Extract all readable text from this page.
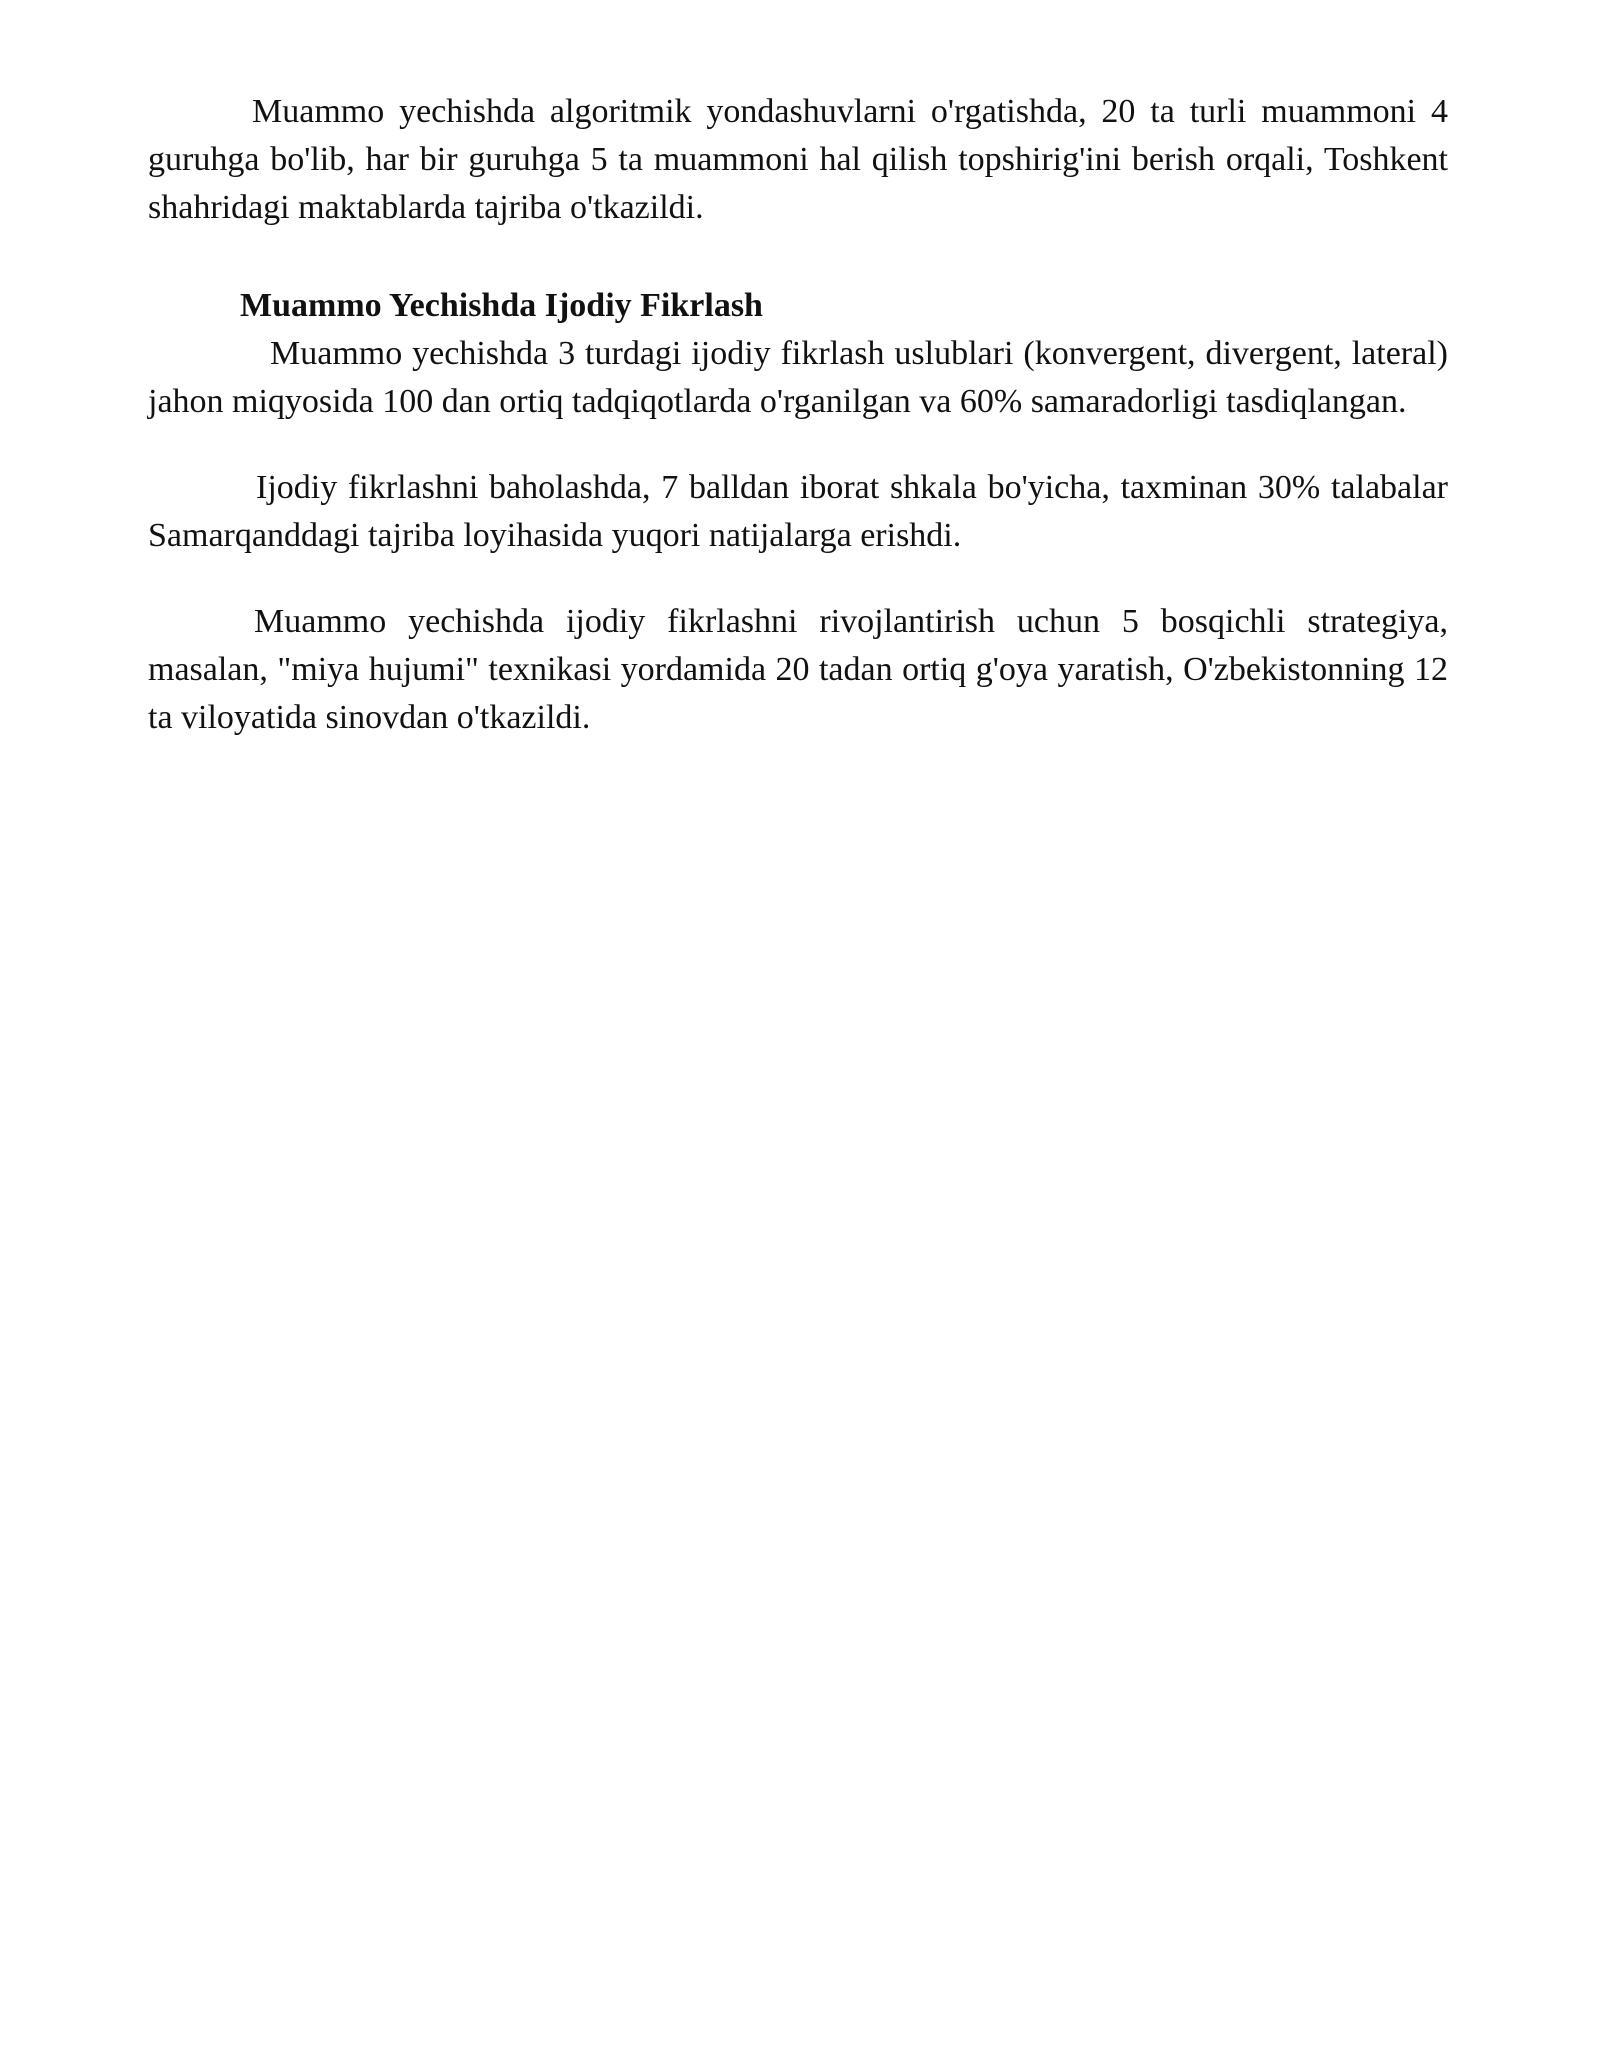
Muammo yechishda algoritmik yondashuvlarni o'rgatishda, 20 ta turli muammoni 4 guruhga bo'lib, har bir guruhga 5 ta muammoni hal qilish topshirig'ini berish orqali, Toshkent shahridagi maktablarda tajriba o'tkazildi.

Muammo Yechishda Ijodiy Fikrlash

Muammo yechishda 3 turdagi ijodiy fikrlash uslublari (konvergent, divergent, lateral) jahon miqyosida 100 dan ortiq tadqiqotlarda o'rganilgan va 60% samaradorligi tasdiqlangan.

Ijodiy fikrlashni baholashda, 7 balldan iborat shkala bo'yicha, taxminan 30% talabalar Samarqanddagi tajriba loyihasida yuqori natijalarga erishdi.

Muammo yechishda ijodiy fikrlashni rivojlantirish uchun 5 bosqichli strategiya, masalan, "miya hujumi" texnikasi yordamida 20 tadan ortiq g'oya yaratish, O'zbekistonning 12 ta viloyatida sinovdan o'tkazildi.
